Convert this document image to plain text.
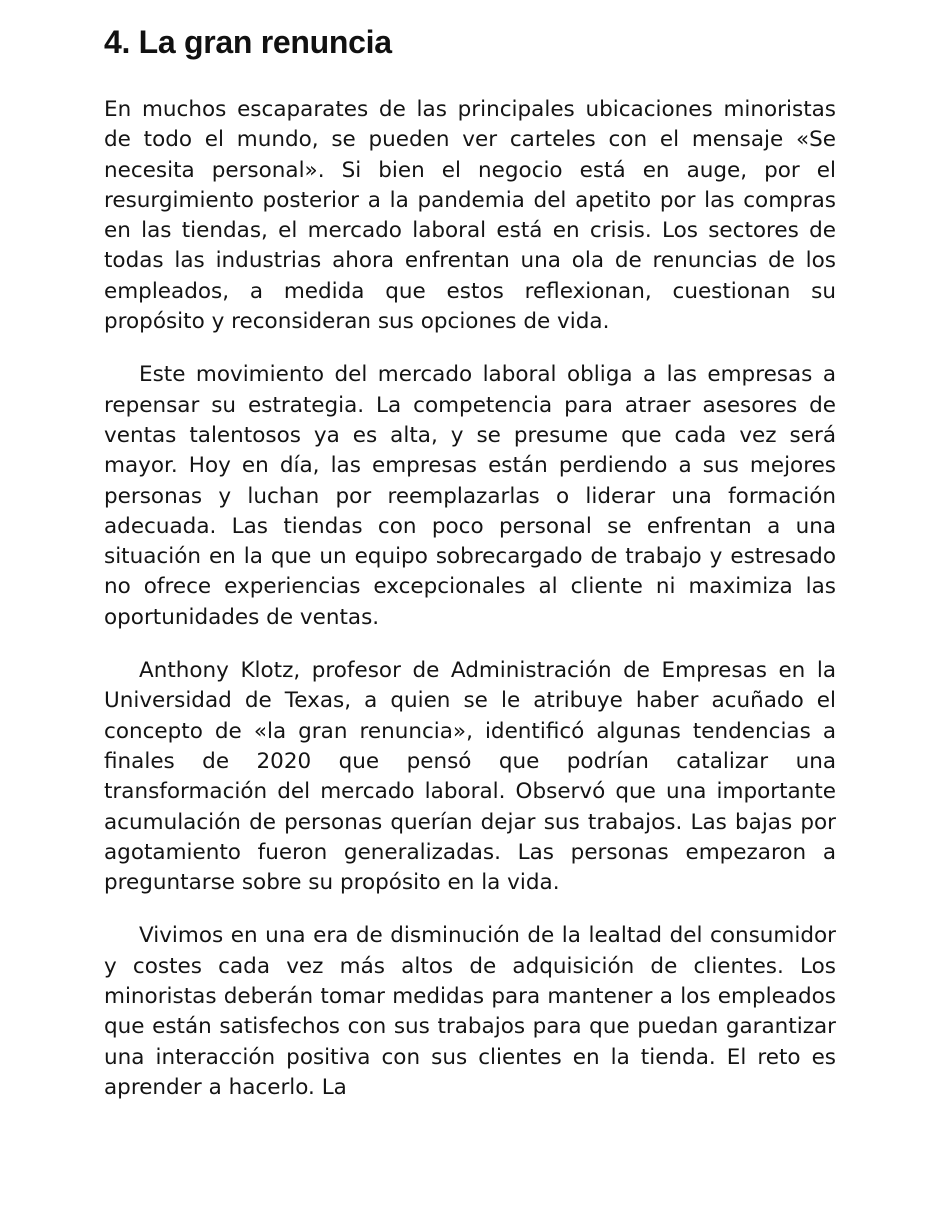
4. La gran renuncia

En muchos escaparates de las principales ubicaciones minoristas de todo el mundo, se pueden ver carteles con el mensaje «Se necesita personal». Si bien el negocio está en auge, por el resurgimiento posterior a la pandemia del apetito por las compras en las tiendas, el mercado laboral está en crisis. Los sectores de todas las industrias ahora enfrentan una ola de renuncias de los empleados, a medida que estos reflexionan, cuestionan su propósito y reconsideran sus opciones de vida.

Este movimiento del mercado laboral obliga a las empresas a repensar su estrategia. La competencia para atraer asesores de ventas talentosos ya es alta, y se presume que cada vez será mayor. Hoy en día, las empresas están perdiendo a sus mejores personas y luchan por reemplazarlas o liderar una formación adecuada. Las tiendas con poco personal se enfrentan a una situación en la que un equipo sobrecargado de trabajo y estresado no ofrece experiencias excepcionales al cliente ni maximiza las oportunidades de ventas.

Anthony Klotz, profesor de Administración de Empresas en la Universidad de Texas, a quien se le atribuye haber acuñado el concepto de «la gran renuncia», identificó algunas tendencias a finales de 2020 que pensó que podrían catalizar una transformación del mercado laboral. Observó que una importante acumulación de personas querían dejar sus trabajos. Las bajas por agotamiento fueron generalizadas. Las personas empezaron a preguntarse sobre su propósito en la vida.

Vivimos en una era de disminución de la lealtad del consumidor y costes cada vez más altos de adquisición de clientes. Los minoristas deberán tomar medidas para mantener a los empleados que están satisfechos con sus trabajos para que puedan garantizar una interacción positiva con sus clientes en la tienda. El reto es aprender a hacerlo. La
